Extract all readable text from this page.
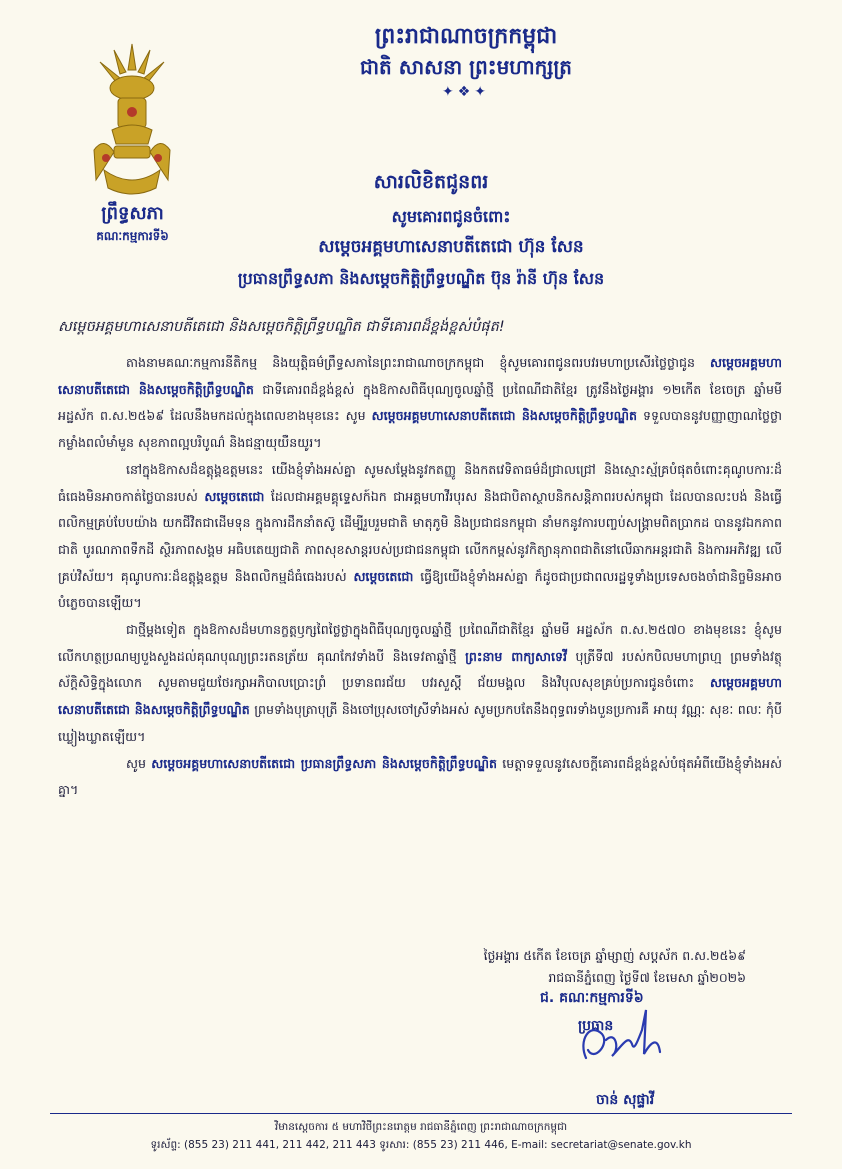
ព្រះរាជាណាចក្រកម្ពុជា
ជាតិ សាសនា ព្រះមហាក្សត្រ
✦❖✦
ព្រឹទ្ធសភា
គណៈកម្មការទី៦
សារលិខិតជូនពរ
សូមគោរពជូនចំពោះ
សម្តេចអគ្គមហាសេនាបតីតេជោ ហ៊ុន សែន
ប្រធានព្រឹទ្ធសភា និងសម្តេចកិត្តិព្រឹទ្ធបណ្ឌិត ប៊ុន រ៉ានី ហ៊ុន សែន
សម្តេចអគ្គមហាសេនាបតីតេជោ និងសម្តេចកិត្តិព្រឹទ្ធបណ្ឌិត ជាទីគោរពដ៏ខ្ពង់ខ្ពស់បំផុត!

តាងនាមគណៈកម្មការនីតិកម្ម និងយុត្តិធម៌ព្រឹទ្ធសភានៃព្រះរាជាណាចក្រកម្ពុជា ខ្ញុំសូមគោរពជូនពរបវរមហាប្រសើរថ្លៃថ្លាជូន សម្តេចអគ្គមហាសេនាបតីតេជោ និងសម្តេចកិត្តិព្រឹទ្ធបណ្ឌិត ជាទីគោរពដ៏ខ្ពង់ខ្ពស់ ក្នុងឱកាសពិធីបុណ្យចូលឆ្នាំថ្មី ប្រពៃណីជាតិខ្មែរ ត្រូវនឹងថ្ងៃអង្គារ ១២កើត ខែចេត្រ ឆ្នាំមមី អដ្ឋស័ក ព.ស.២៥៦៩ ដែលនឹងមកដល់ក្នុងពេលខាងមុខនេះ សូម សម្តេចអគ្គមហាសេនាបតីតេជោ និងសម្តេចកិត្តិព្រឹទ្ធបណ្ឌិត ទទួលបាននូវបញ្ញាញាណថ្លៃថ្លា កម្លាំងពលំមាំមួន សុខភាពល្អបរិបូណ៌ និងជន្មាយុយឺនយូរ។

នៅក្នុងឱកាសដ៏ឧត្តុង្គឧត្តមនេះ យើងខ្ញុំទាំងអស់គ្នា សូមសម្តែងនូវកតញ្ញូ និងកតវេទិតាធម៌ដ៏ជ្រាលជ្រៅ និងស្មោះស្ម័គ្របំផុតចំពោះគុណូបការៈដ៏ធំធេងមិនអាចកាត់ថ្លៃបានរបស់ សម្តេចតេជោ ដែលជាអគ្គមគ្គុទ្ទេសក៍ឯក ជាអគ្គមហាវីរបុរស និងជាបិតាស្ថាបនិកសន្តិភាពរបស់កម្ពុជា ដែលបានលះបង់ និងធ្វើពលិកម្មគ្រប់បែបយ៉ាង យកជីវិតជាដើមទុន ក្នុងការដឹកនាំតស៊ូ ដើម្បីរួបរួមជាតិ មាតុភូមិ និងប្រជាជនកម្ពុជា នាំមកនូវការបញ្ចប់សង្គ្រាមពិតប្រាកដ បាននូវឯកភាពជាតិ បូរណភាពទឹកដី ស្ថិរភាពសង្គម អធិបតេយ្យជាតិ ភាពសុខសាន្តរបស់ប្រជាជនកម្ពុជា លើកកម្ពស់នូវកិត្យានុភាពជាតិនៅលើឆាកអន្តរជាតិ និងការអភិវឌ្ឍ លើគ្រប់វិស័យ។ គុណូបការៈដ៏ឧត្តុង្គឧត្តម និងពលិកម្មដ៏ធំធេងរបស់ សម្តេចតេជោ ធ្វើឱ្យយើងខ្ញុំទាំងអស់គ្នា ក៏ដូចជាប្រជាពលរដ្ឋទូទាំងប្រទេសចងចាំជានិច្ចមិនអាចបំភ្លេចបានឡើយ។

ជាថ្មីម្តងទៀត ក្នុងឱកាសដ៏មហានក្ខត្តឫក្សពៃថ្លៃថ្លាក្នុងពិធីបុណ្យចូលឆ្នាំថ្មី ប្រពៃណីជាតិខ្មែរ ឆ្នាំមមី អដ្ឋស័ក ព.ស.២៥៧០ ខាងមុខនេះ ខ្ញុំសូមលើកហត្ថប្រណម្យបួងសួងដល់គុណបុណ្យព្រះរតនត្រ័យ គុណកែវទាំងបី និងទេវតាឆ្នាំថ្មី ព្រះនាម ពាក្យសាទេវី បុត្រីទី៧ របស់កបិលមហាព្រហ្ម ព្រមទាំងវត្ថុស័ក្តិសិទ្ធិក្នុងលោក សូមតាមជួយថែរក្សាអភិបាលប្រោះព្រំ ប្រទានពរជ័យ បវរសួស្តី ជ័យមង្គល និងវិបុលសុខគ្រប់ប្រការជូនចំពោះ សម្តេចអគ្គមហាសេនាបតីតេជោ និងសម្តេចកិត្តិព្រឹទ្ធបណ្ឌិត ព្រមទាំងបុត្រាបុត្រី និងចៅប្រុសចៅស្រីទាំងអស់ សូមប្រកបតែនឹងពុទ្ធពរទាំងបួនប្រការគឺ អាយុ វណ្ណៈ សុខៈ ពលៈ កុំបីឃ្លៀងឃ្លាតឡើយ។

សូម សម្តេចអគ្គមហាសេនាបតីតេជោ ប្រធានព្រឹទ្ធសភា និងសម្តេចកិត្តិព្រឹទ្ធបណ្ឌិត មេត្តាទទួលនូវសេចក្តីគោរពដ៏ខ្ពង់ខ្ពស់បំផុតអំពីយើងខ្ញុំទាំងអស់គ្នា។

ថ្ងៃអង្គារ ៥កើត ខែចេត្រ ឆ្នាំម្សាញ់ សប្តស័ក ព.ស.២៥៦៩
រាជធានីភ្នំពេញ ថ្ងៃទី៧ ខែមេសា ឆ្នាំ២០២៦
ជ. គណៈកម្មការទី៦
ប្រធាន
ចាន់ សុផ្ទាវី
វិមានស្តេចការ ៥ មហាវិថីព្រះនរោត្តម រាជធានីភ្នំពេញ ព្រះរាជាណាចក្រកម្ពុជា
ទូរស័ព្ទ: (855 23) 211 441, 211 442, 211 443 ទូរសារ: (855 23) 211 446, E-mail: secretariat@senate.gov.kh
